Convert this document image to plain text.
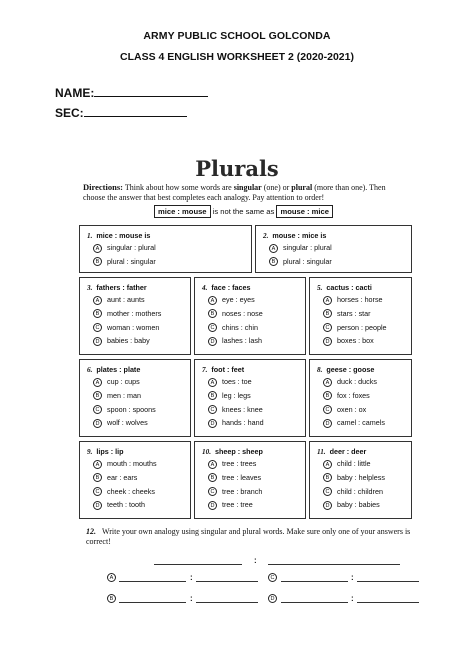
ARMY PUBLIC SCHOOL GOLCONDA
CLASS 4 ENGLISH WORKSHEET 2 (2020-2021)
NAME:
SEC:
Plurals
Directions: Think about how some words are singular (one) or plural (more than one). Then choose the answer that best completes each analogy. Pay attention to order!
mice : mouse is not the same as mouse : mice
1. mice : mouse is
A singular : plural
B plural : singular
2. mouse : mice is
A singular : plural
B plural : singular
3. fathers : father
A aunt : aunts
B mother : mothers
C woman : women
D babies : baby
4. face : faces
A eye : eyes
B noses : nose
C chins : chin
D lashes : lash
5. cactus : cacti
A horses : horse
B stars : star
C person : people
D boxes : box
6. plates : plate
A cup : cups
B men : man
C spoon : spoons
D wolf : wolves
7. foot : feet
A toes : toe
B leg : legs
C knees : knee
D hands : hand
8. geese : goose
A duck : ducks
B fox : foxes
C oxen : ox
D camel : camels
9. lips : lip
A mouth : mouths
B ear : ears
C cheek : cheeks
D teeth : tooth
10. sheep : sheep
A tree : trees
B tree : leaves
C tree : branch
D tree : tree
11. deer : deer
A child : little
B baby : helpless
C child : children
D baby : babies
12. Write your own analogy using singular and plural words. Make sure only one of your answers is correct!
:
A	:	C	:
B	:	D	:
